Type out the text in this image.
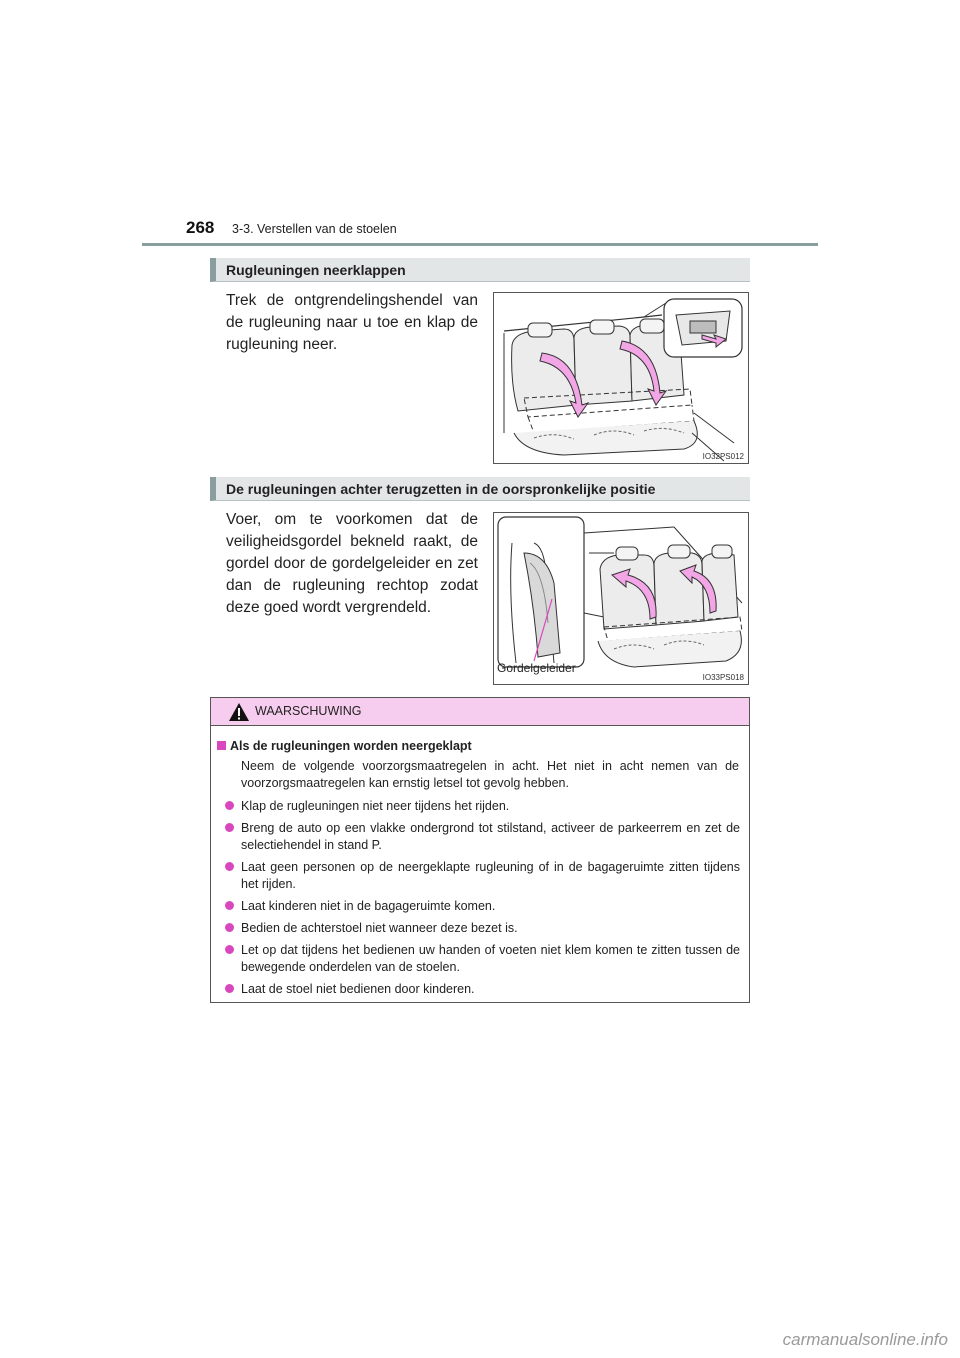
268 3-3. Verstellen van de stoelen
Rugleuningen neerklappen
Trek de ontgrendelingshendel van de rugleuning naar u toe en klap de rugleuning neer.
IO32PS012
De rugleuningen achter terugzetten in de oorspronkelijke positie
Voer, om te voorkomen dat de veiligheidsgordel bekneld raakt, de gordel door de gordelgeleider en zet dan de rugleuning rechtop zodat deze goed wordt vergrendeld.
Gordelgeleider
IO33PS018
WAARSCHUWING
Als de rugleuningen worden neergeklapt
Neem de volgende voorzorgsmaatregelen in acht. Het niet in acht nemen van de voorzorgsmaatregelen kan ernstig letsel tot gevolg hebben.
Klap de rugleuningen niet neer tijdens het rijden.
Breng de auto op een vlakke ondergrond tot stilstand, activeer de parkeerrem en zet de selectiehendel in stand P.
Laat geen personen op de neergeklapte rugleuning of in de bagageruimte zitten tijdens het rijden.
Laat kinderen niet in de bagageruimte komen.
Bedien de achterstoel niet wanneer deze bezet is.
Let op dat tijdens het bedienen uw handen of voeten niet klem komen te zitten tussen de bewegende onderdelen van de stoelen.
Laat de stoel niet bedienen door kinderen.
carmanualsonline.info
